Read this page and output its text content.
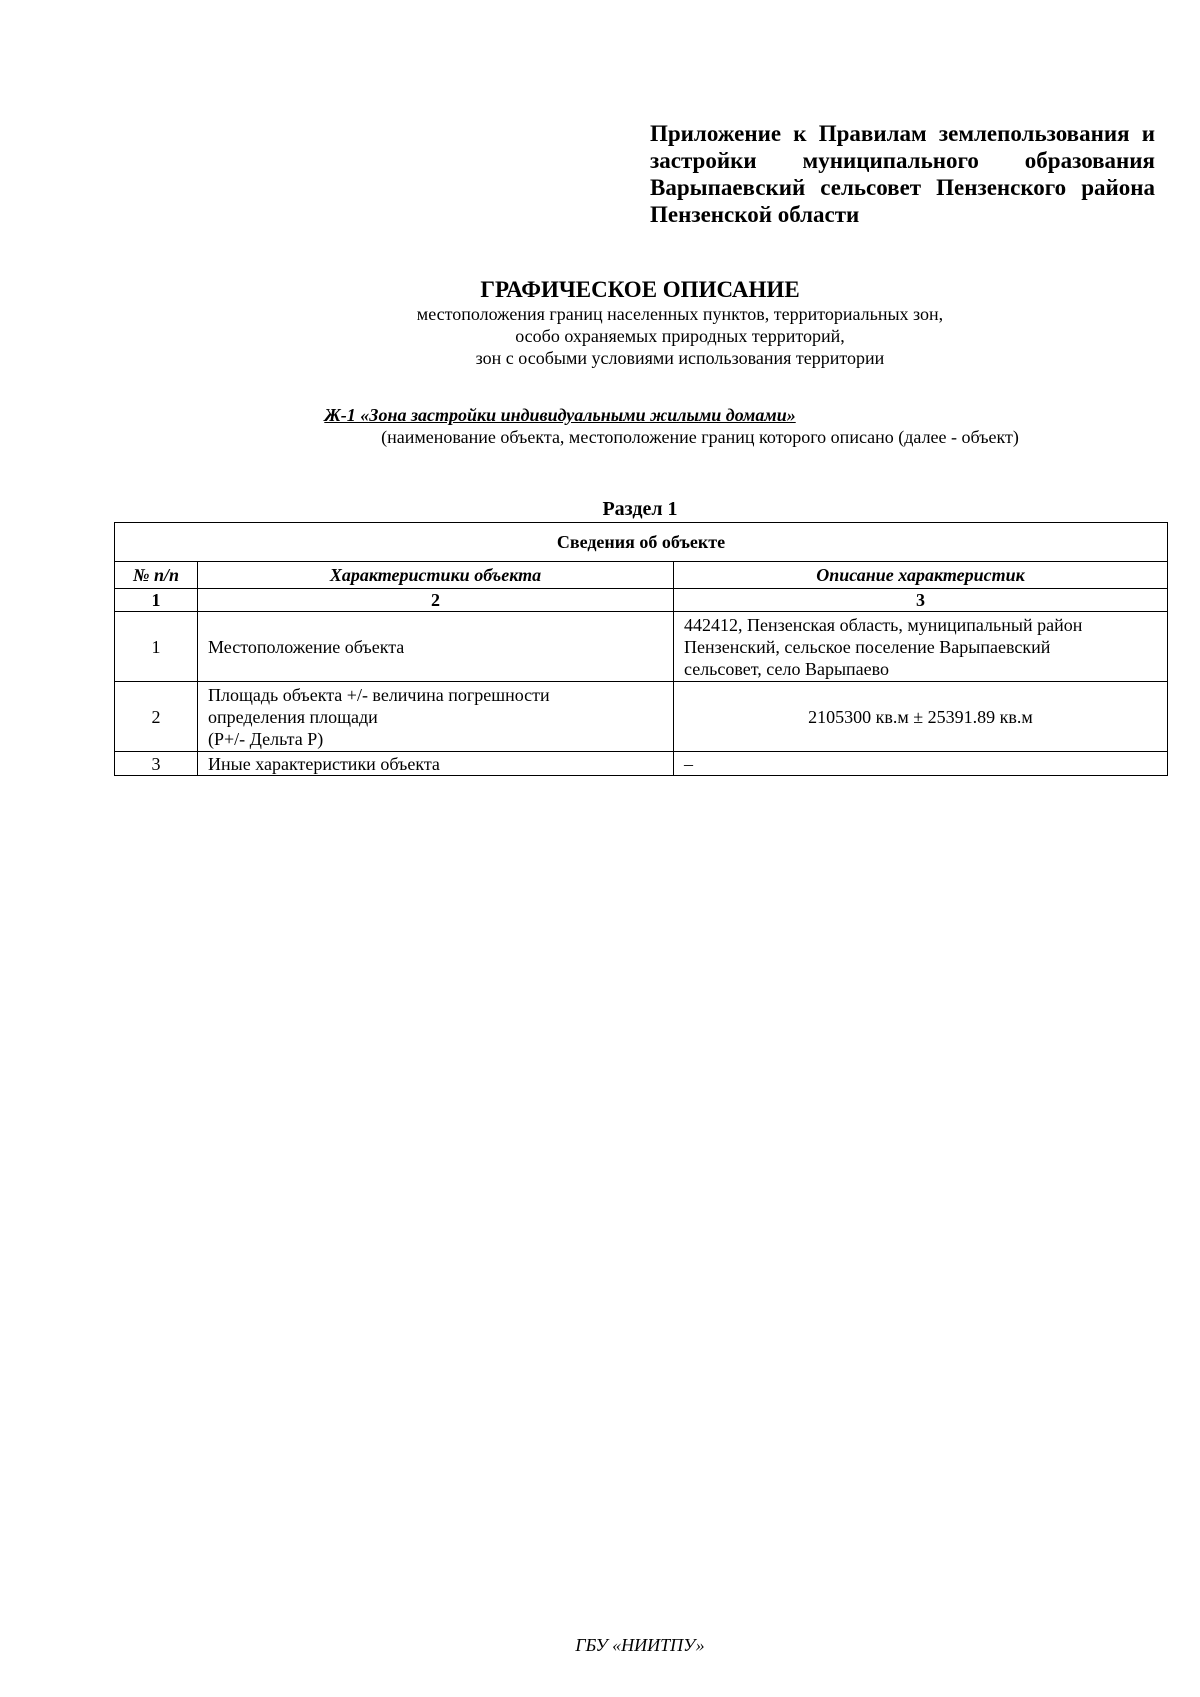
Приложение к Правилам землепользования и
застройки муниципального образования
Варыпаевский сельсовет Пензенского района
Пензенской области
ГРАФИЧЕСКОЕ ОПИСАНИЕ
местоположения границ населенных пунктов, территориальных зон,
особо охраняемых природных территорий,
зон с особыми условиями использования территории
Ж-1 «Зона застройки индивидуальными жилыми домами»
(наименование объекта, местоположение границ которого описано (далее - объект)
Раздел 1
Сведения об объекте		
№ п/п	Характеристики объекта	Описание характеристик
1	2	3
1	Местоположение объекта	442412, Пензенская область, муниципальный район
Пензенский, сельское поселение Варыпаевский
сельсовет, село Варыпаево

2	Площадь объекта +/- величина погрешности
определения площади
(P+/- Дельта P)	2105300 кв.м ± 25391.89 кв.м

3	Иные характеристики объекта	–
ГБУ «НИИТПУ»
